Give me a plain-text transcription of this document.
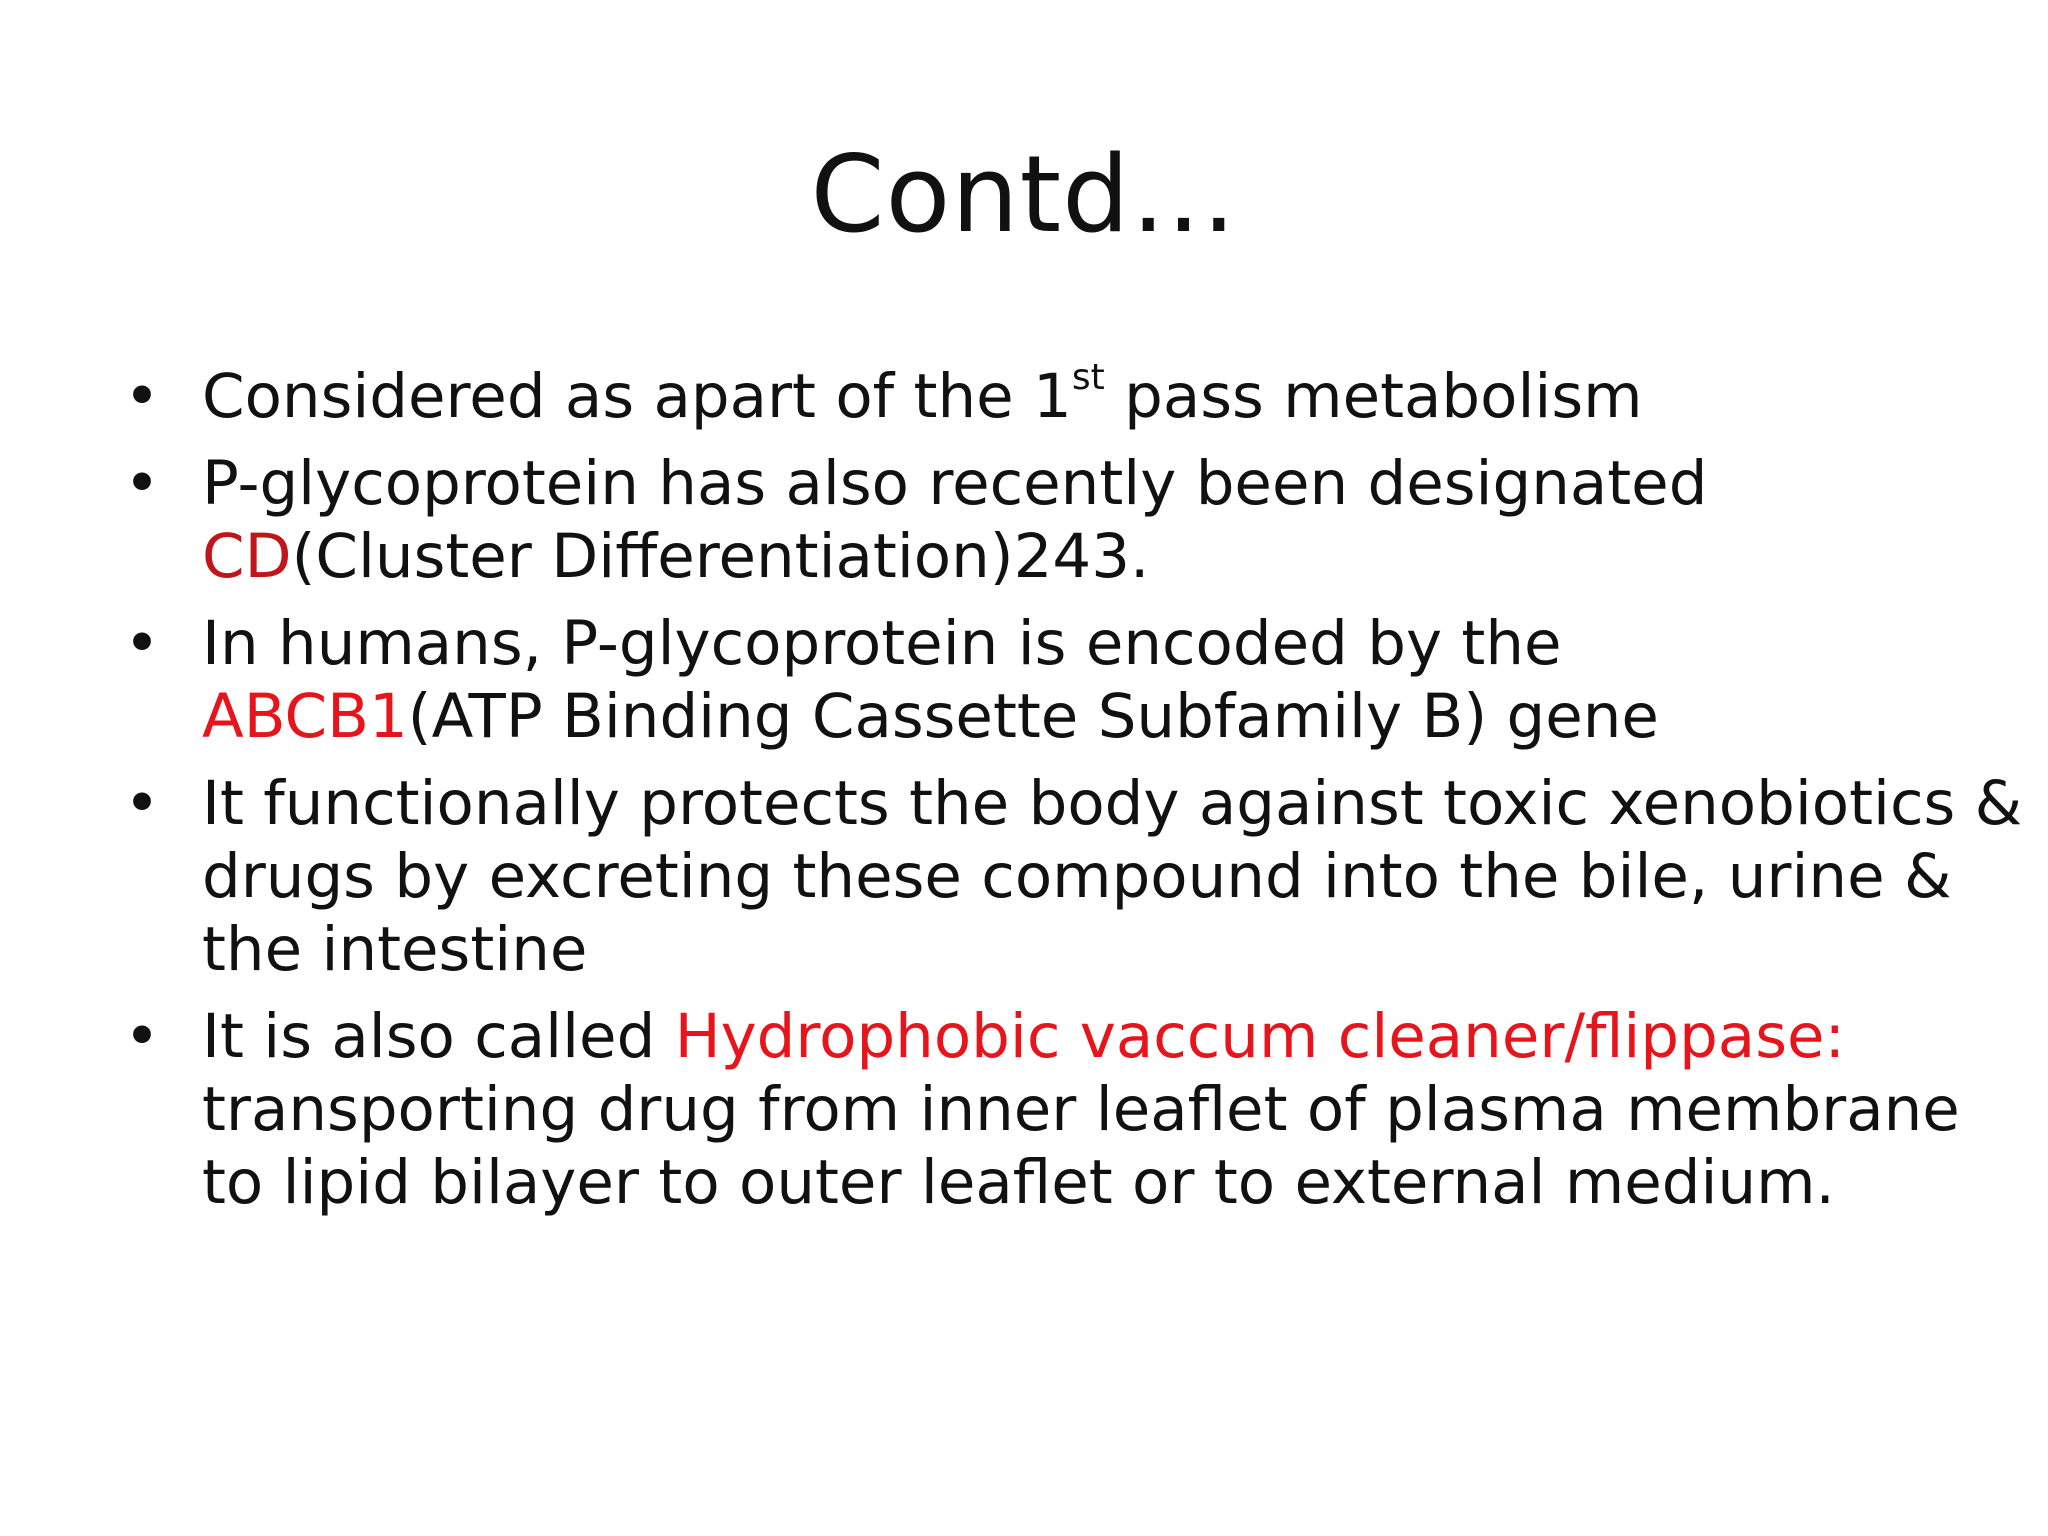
Contd…
• Considered as apart of the 1st pass metabolism
• P-glycoprotein has also recently been designated CD(Cluster Differentiation)243.
• In humans, P-glycoprotein is encoded by the ABCB1(ATP Binding Cassette Subfamily B) gene
• It functionally protects the body against toxic xenobiotics & drugs by excreting these compound into the bile, urine & the intestine
• It is also called Hydrophobic vaccum cleaner/flippase: transporting drug from inner leaflet of plasma membrane to lipid bilayer to outer leaflet or to external medium.
